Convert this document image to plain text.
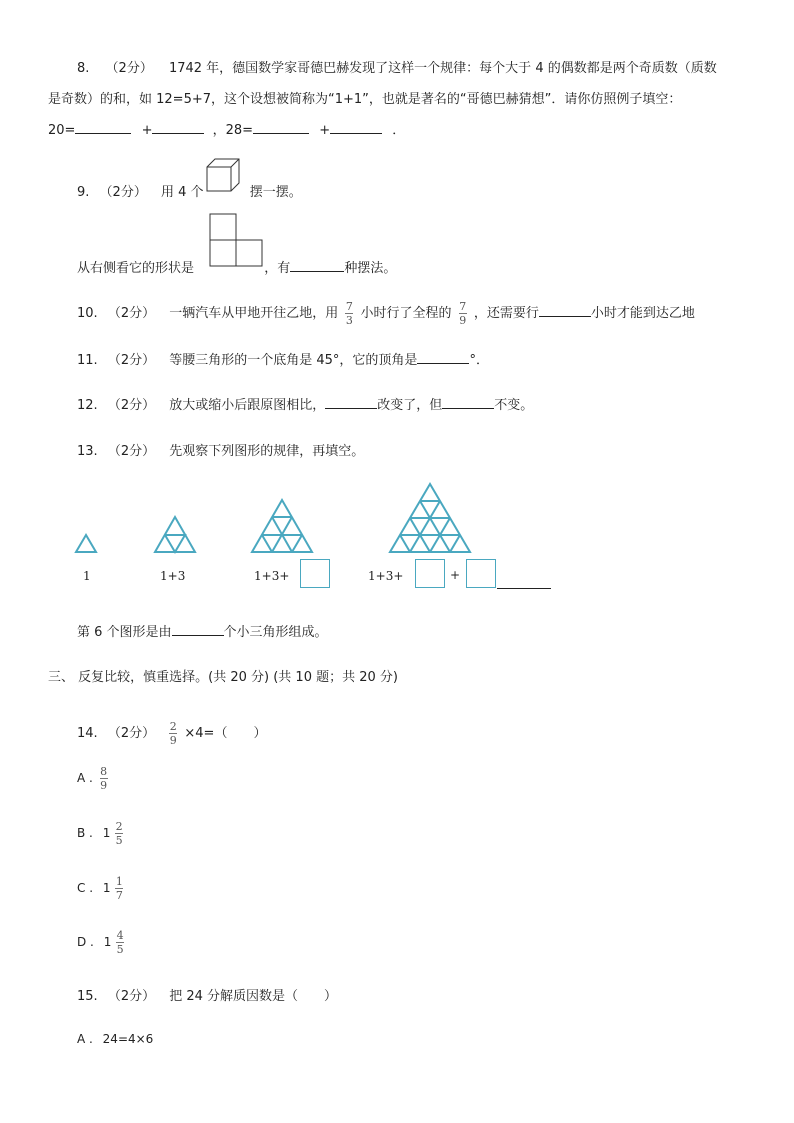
8. （2分） 1742 年，德国数学家哥德巴赫发现了这样一个规律：每个大于 4 的偶数都是两个奇质数（质数
是奇数）的和，如 12=5+7，这个设想被简称为“1+1”，也就是著名的“哥德巴赫猜想”．请你仿照例子填空：
20=	+	，28=	+	．
9. （2分） 用 4 个	摆一摆。
从右侧看它的形状是	，有	种摆法。
10. （2分） 一辆汽车从甲地开往乙地，用 $\frac{7}{3}$ 小时行了全程的 $\frac{7}{9}$ ，还需要行	小时才能到达乙地
11. （2分） 等腰三角形的一个底角是 45°，它的顶角是	°．
12. （2分） 放大或缩小后跟原图相比，	改变了，但	不变。
13. （2分） 先观察下列图形的规律，再填空。
1	1+3	1+3+	1+3+	+
第 6 个图形是由	个小三角形组成。
三、 反复比较，慎重选择。(共 20 分) (共 10 题；共 20 分)
14. （2分） $\frac{2}{9} \times 4=$（　　）
A . $\frac{8}{9}$
B . $1 \frac{2}{5}$
C . $1 \frac{1}{7}$
D . $1 \frac{4}{5}$
15. （2分） 把 24 分解质因数是（　　）
A . 24=4×6
